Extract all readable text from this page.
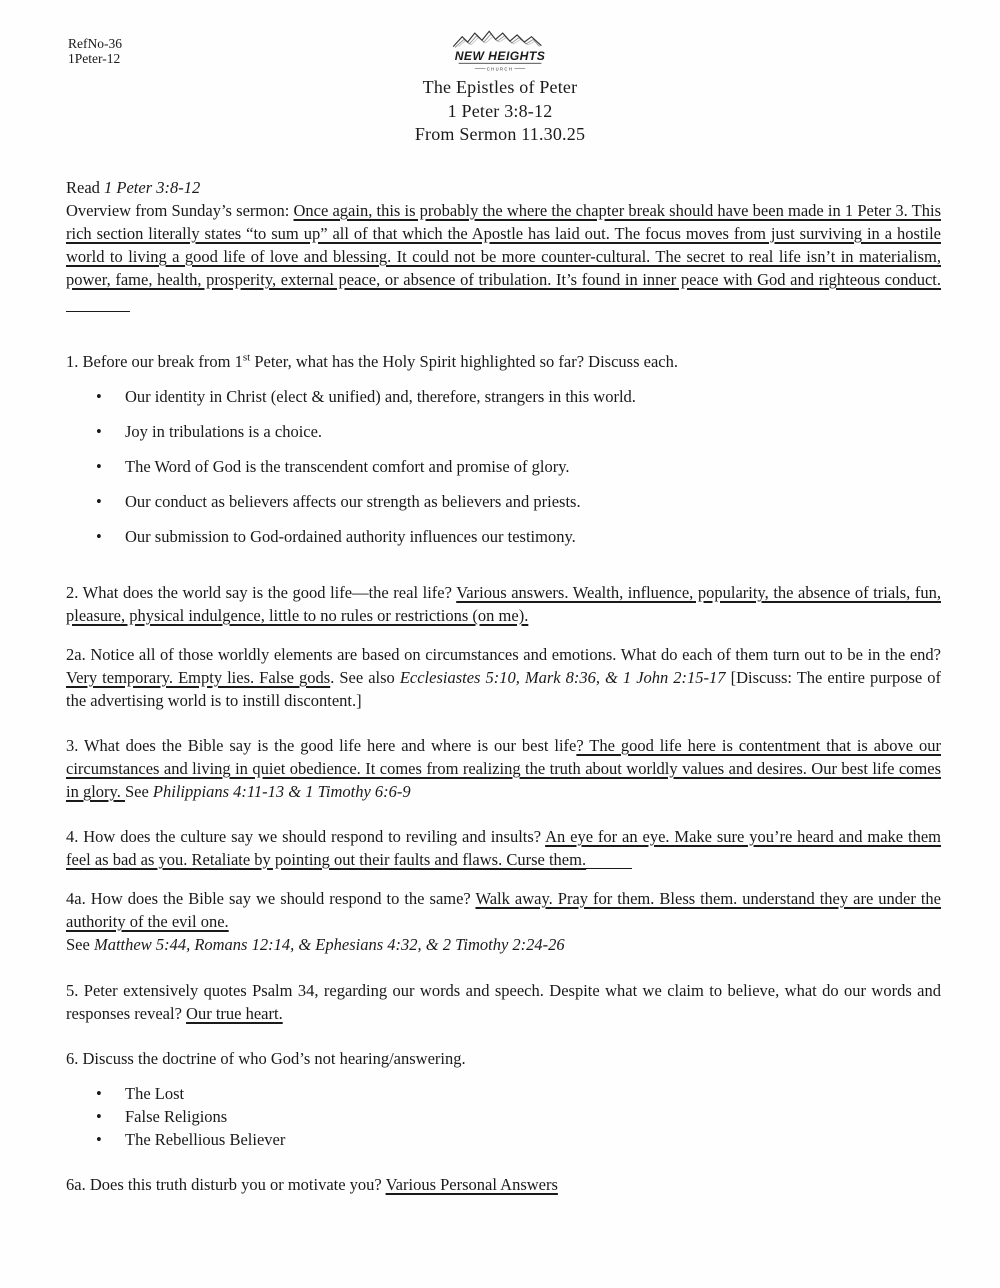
RefNo-36
1Peter-12	NEW HEIGHTS
CHURCH
The Epistles of Peter
1 Peter 3:8-12
From Sermon 11.30.25

Read 1 Peter 3:8-12

Overview from Sunday’s sermon: Once again, this is probably the where the chapter break should have been made in 1 Peter 3. This rich section literally states “to sum up” all of that which the Apostle has laid out. The focus moves from just surviving in a hostile world to living a good life of love and blessing. It could not be more counter-cultural. The secret to real life isn’t in materialism, power, fame, health, prosperity, external peace, or absence of tribulation. It’s found in inner peace with God and righteous conduct.

1. Before our break from 1st Peter, what has the Holy Spirit highlighted so far? Discuss each.

• Our identity in Christ (elect & unified) and, therefore, strangers in this world.
• Joy in tribulations is a choice.
• The Word of God is the transcendent comfort and promise of glory.
• Our conduct as believers affects our strength as believers and priests.
• Our submission to God-ordained authority influences our testimony.

2. What does the world say is the good life—the real life? Various answers. Wealth, influence, popularity, the absence of trials, fun, pleasure, physical indulgence, little to no rules or restrictions (on me).

2a. Notice all of those worldly elements are based on circumstances and emotions. What do each of them turn out to be in the end? Very temporary. Empty lies. False gods. See also Ecclesiastes 5:10, Mark 8:36, & 1 John 2:15-17 [Discuss: The entire purpose of the advertising world is to instill discontent.]

3. What does the Bible say is the good life here and where is our best life? The good life here is contentment that is above our circumstances and living in quiet obedience. It comes from realizing the truth about worldly values and desires. Our best life comes in glory. See Philippians 4:11-13 & 1 Timothy 6:6-9

4. How does the culture say we should respond to reviling and insults? An eye for an eye. Make sure you’re heard and make them feel as bad as you. Retaliate by pointing out their faults and flaws. Curse them.

4a. How does the Bible say we should respond to the same? Walk away. Pray for them. Bless them. understand they are under the authority of the evil one.

See Matthew 5:44, Romans 12:14, & Ephesians 4:32, & 2 Timothy 2:24-26

5. Peter extensively quotes Psalm 34, regarding our words and speech. Despite what we claim to believe, what do our words and responses reveal? Our true heart.

6. Discuss the doctrine of who God’s not hearing/answering.

• The Lost
• False Religions
• The Rebellious Believer

6a. Does this truth disturb you or motivate you? Various Personal Answers
